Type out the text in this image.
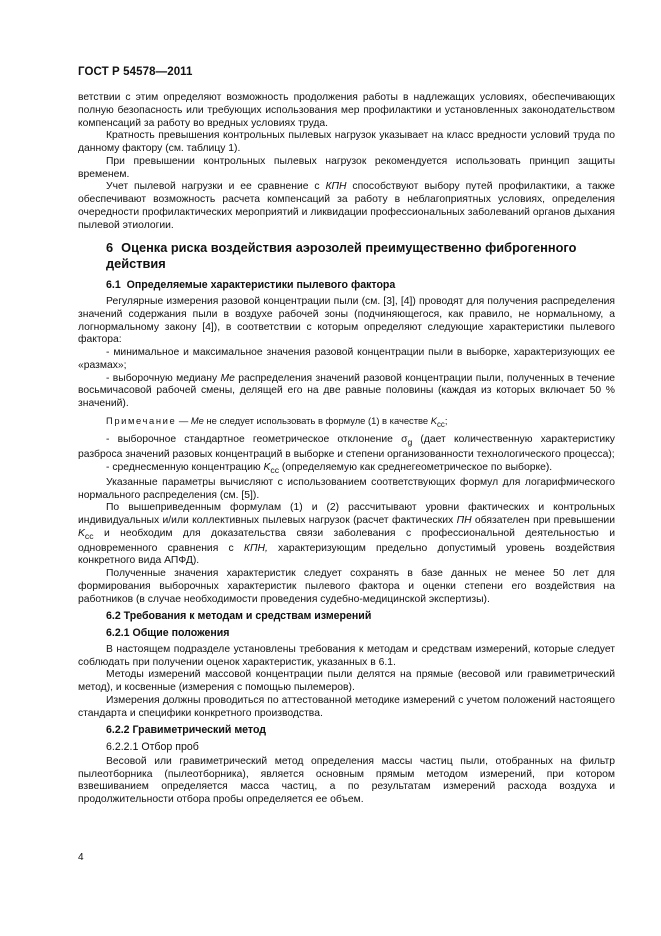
ГОСТ Р 54578—2011

ветствии с этим определяют возможность продолжения работы в надлежащих условиях, обеспечивающих полную безопасность или требующих использования мер профилактики и установленных законодательством компенсаций за работу во вредных условиях труда.

Кратность превышения контрольных пылевых нагрузок указывает на класс вредности условий труда по данному фактору (см. таблицу 1).

При превышении контрольных пылевых нагрузок рекомендуется использовать принцип защиты временем.

Учет пылевой нагрузки и ее сравнение с КПН способствуют выбору путей профилактики, а также обеспечивают возможность расчета компенсаций за работу в неблагоприятных условиях, определения очередности профилактических мероприятий и ликвидации профессиональных заболеваний органов дыхания пылевой этиологии.

6 Оценка риска воздействия аэрозолей преимущественно фиброгенного действия
6.1 Определяемые характеристики пылевого фактора

Регулярные измерения разовой концентрации пыли (см. [3], [4]) проводят для получения распределения значений содержания пыли в воздухе рабочей зоны (подчиняющегося, как правило, не нормальному, а логнормальному закону [4]), в соответствии с которым определяют следующие характеристики пылевого фактора:

- минимальное и максимальное значения разовой концентрации пыли в выборке, характеризующих ее «размах»;

- выборочную медиану Ме распределения значений разовой концентрации пыли, полученных в течение восьмичасовой рабочей смены, делящей его на две равные половины (каждая из которых включает 50 % значений).

Примечание — Ме не следует использовать в формуле (1) в качестве $K_{сс}$;

- выборочное стандартное геометрическое отклонение $\sigma_g$ (дает количественную характеристику разброса значений разовых концентраций в выборке и степени организованности технологического процесса);

- среднесменную концентрацию $K_{сс}$ (определяемую как среднегеометрическое по выборке).

Указанные параметры вычисляют с использованием соответствующих формул для логарифмического нормального распределения (см. [5]).

По вышеприведенным формулам (1) и (2) рассчитывают уровни фактических и контрольных индивидуальных и/или коллективных пылевых нагрузок (расчет фактических ПН обязателен при превышении $K_{сс}$ и необходим для доказательства связи заболевания с профессиональной деятельностью и одновременного сравнения с КПН, характеризующим предельно допустимый уровень воздействия конкретного вида АПФД).

Полученные значения характеристик следует сохранять в базе данных не менее 50 лет для формирования выборочных характеристик пылевого фактора и оценки степени его воздействия на работников (в случае необходимости проведения судебно-медицинской экспертизы).

6.2 Требования к методам и средствам измерений
6.2.1 Общие положения

В настоящем подразделе установлены требования к методам и средствам измерений, которые следует соблюдать при получении оценок характеристик, указанных в 6.1.

Методы измерений массовой концентрации пыли делятся на прямые (весовой или гравиметрический метод), и косвенные (измерения с помощью пылемеров).

Измерения должны проводиться по аттестованной методике измерений с учетом положений настоящего стандарта и специфики конкретного производства.

6.2.2 Гравиметрический метод
6.2.2.1 Отбор проб

Весовой или гравиметрический метод определения массы частиц пыли, отобранных на фильтр пылеотборника (пылеотборника), является основным прямым методом измерений, при котором взвешиванием определяется масса частиц, а по результатам измерений расхода воздуха и продолжительности отбора пробы определяется ее объем.

4
